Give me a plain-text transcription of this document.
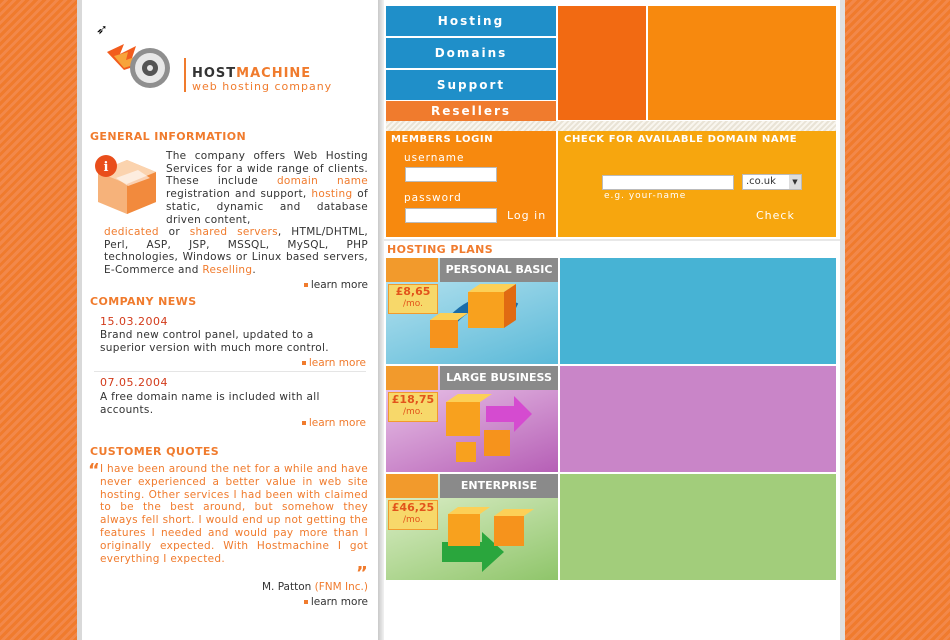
➶
HOSTMACHINE
web hosting company
GENERAL INFORMATION
i
The company offers Web Hosting Services for a wide range of clients. These include domain name registration and support, hosting of static, dynamic and database driven content,
dedicated or shared servers, HTML/DHTML, Perl, ASP, JSP, MSSQL, MySQL, PHP technologies, Windows or Linux based servers, E-Commerce and Reselling.
learn more
COMPANY NEWS
15.03.2004
Brand new control panel, updated to a superior version with much more control.
learn more
07.05.2004
A free domain name is included with all accounts.
learn more
CUSTOMER QUOTES
“ I have been around the net for a while and have never experienced a better value in web site hosting. Other services I had been with claimed to be the best around, but somehow they always fell short. I would end up not getting the features I needed and would pay more than I originally expected. With Hostmachine I got everything I expected.
”
M. Patton (FNM Inc.)
learn more
Hosting
Domains
Support
Resellers
MEMBERS LOGIN
username
password
Log in
CHECK FOR AVAILABLE DOMAIN NAME
.co.uk	▼
e.g. your-name
Check
HOSTING PLANS
PERSONAL BASIC
£8,65
/mo.
LARGE BUSINESS
£18,75
/mo.
ENTERPRISE
£46,25
/mo.
